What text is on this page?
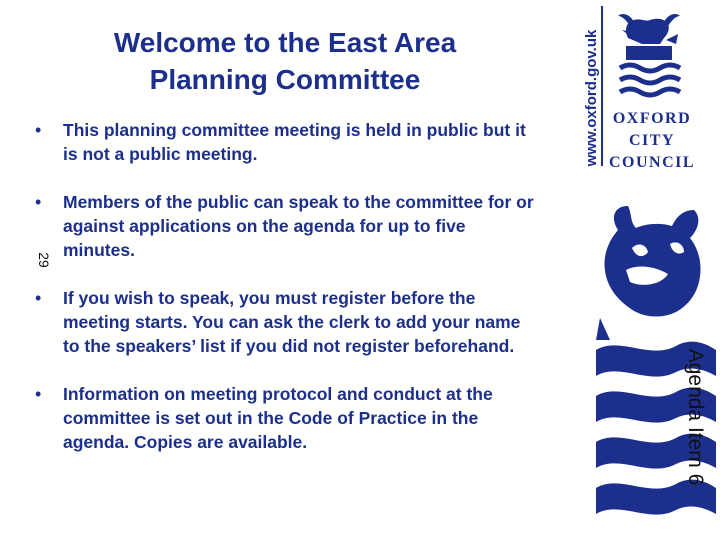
Welcome to the East Area
Planning Committee
• This planning committee meeting is held in public but it is not a public meeting.
• Members of the public can speak to the committee for or against applications on the agenda for up to five minutes.
• If you wish to speak, you must register before the meeting starts. You can ask the clerk to add your name to the speakers’ list if you did not register beforehand.
• Information on meeting protocol and conduct at the committee is set out in the Code of Practice in the agenda. Copies are available.
29
www.oxford.gov.uk OXFORD
CITY
COUNCIL
Agenda Item 6
